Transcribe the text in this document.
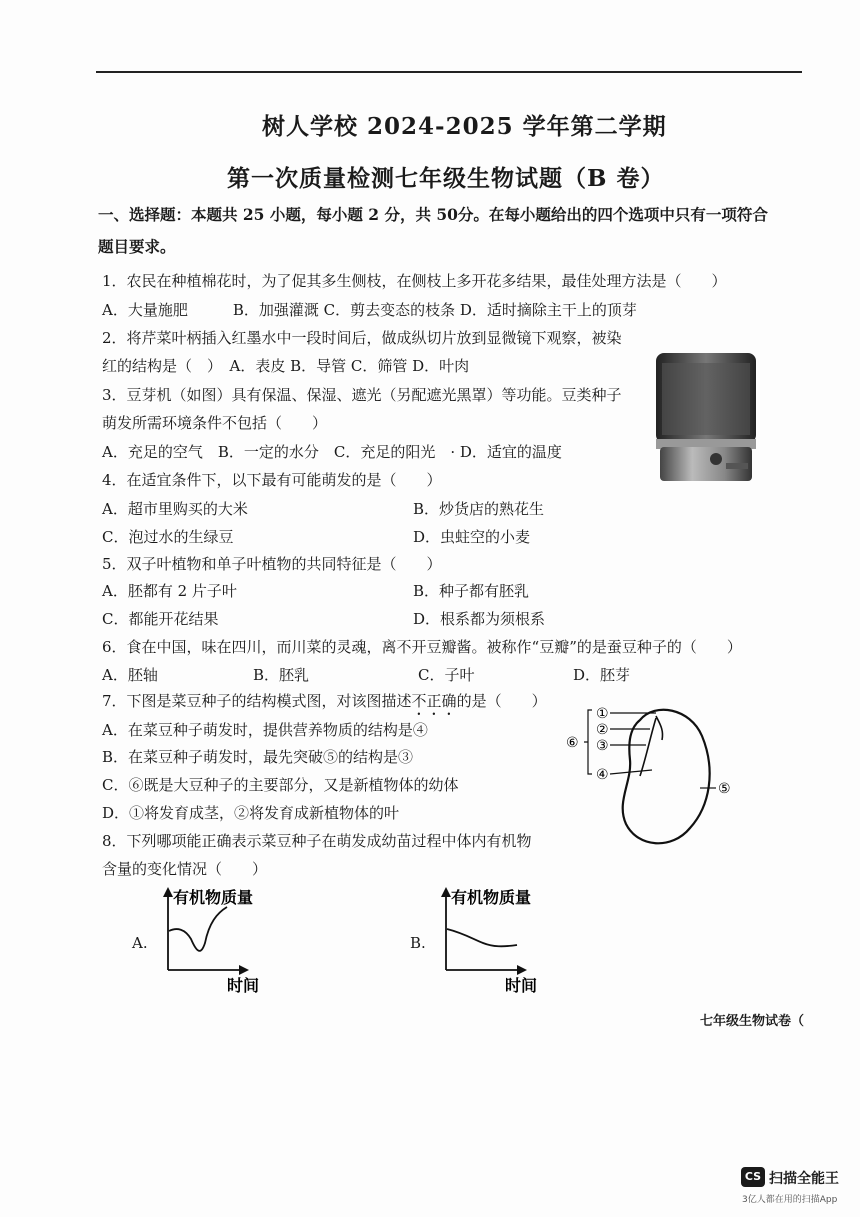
树人学校 2024-2025 学年第二学期
第一次质量检测七年级生物试题（B 卷）
一、选择题：本题共 25 小题，每小题 2 分，共 50分。在每小题给出的四个选项中只有一项符合
题目要求。
1．农民在种植棉花时，为了促其多生侧枝，在侧枝上多开花多结果，最佳处理方法是（　　）
A．大量施肥　　　B．加强灌溉 C．剪去变态的枝条 D．适时摘除主干上的顶芽
2．将芹菜叶柄插入红墨水中一段时间后，做成纵切片放到显微镜下观察，被染
红的结构是（　）　A．表皮 B．导管 C．筛管 D．叶肉
3．豆芽机（如图）具有保温、保湿、遮光（另配遮光黑罩）等功能。豆类种子
萌发所需环境条件不包括（　　）
A．充足的空气　B．一定的水分　C．充足的阳光　· D．适宜的温度
4．在适宜条件下，以下最有可能萌发的是（　　）
A．超市里购买的大米	B．炒货店的熟花生
C．泡过水的生绿豆	D．虫蛀空的小麦
5．双子叶植物和单子叶植物的共同特征是（　　）
A．胚都有 2 片子叶	B．种子都有胚乳
C．都能开花结果	D．根系都为须根系
6．食在中国，味在四川，而川菜的灵魂，离不开豆瓣酱。被称作“豆瓣”的是蚕豆种子的（　　）
A．胚轴	B．胚乳	C．子叶	D．胚芽
7．下图是菜豆种子的结构模式图，对该图描述不正确的是（　　）
A．在菜豆种子萌发时，提供营养物质的结构是④
B．在菜豆种子萌发时，最先突破⑤的结构是③
C．⑥既是大豆种子的主要部分，又是新植物体的幼体
D．①将发育成茎，②将发育成新植物体的叶
①
②
③
④
⑤
⑥
8．下列哪项能正确表示菜豆种子在萌发成幼苗过程中体内有机物
含量的变化情况（　　）
A.
有机物质量
时间
B.
有机物质量
时间
七年级生物试卷（
CS 扫描全能王
3亿人都在用的扫描App
